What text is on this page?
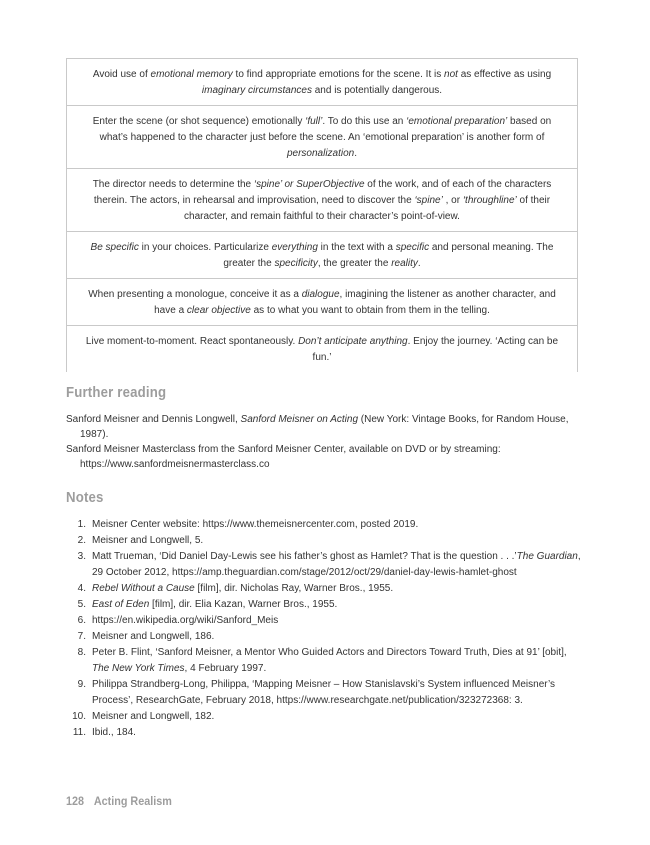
Avoid use of emotional memory to find appropriate emotions for the scene. It is not as effective as using imaginary circumstances and is potentially dangerous.
Enter the scene (or shot sequence) emotionally ‘full’. To do this use an ‘emotional preparation’ based on what’s happened to the character just before the scene. An ‘emotional preparation’ is another form of personalization.
The director needs to determine the ‘spine’ or SuperObjective of the work, and of each of the characters therein. The actors, in rehearsal and improvisation, need to discover the ‘spine’ , or ‘throughline’ of their character, and remain faithful to their character’s point-of-view.
Be specific in your choices. Particularize everything in the text with a specific and personal meaning. The greater the specificity, the greater the reality.
When presenting a monologue, conceive it as a dialogue, imagining the listener as another character, and have a clear objective as to what you want to obtain from them in the telling.
Live moment-to-moment. React spontaneously. Don’t anticipate anything. Enjoy the journey. ‘Acting can be fun.’
Further reading
Sanford Meisner and Dennis Longwell, Sanford Meisner on Acting (New York: Vintage Books, for Random House, 1987).
Sanford Meisner Masterclass from the Sanford Meisner Center, available on DVD or by streaming: https://www.sanfordmeisnermasterclass.co
Notes
1. Meisner Center website: https://www.themeisnercenter.com, posted 2019.
2. Meisner and Longwell, 5.
3. Matt Trueman, ‘Did Daniel Day-Lewis see his father’s ghost as Hamlet? That is the question . . .’The Guardian, 29 October 2012, https://amp.theguardian.com/stage/2012/oct/29/daniel-day-lewis-hamlet-ghost
4. Rebel Without a Cause [film], dir. Nicholas Ray, Warner Bros., 1955.
5. East of Eden [film], dir. Elia Kazan, Warner Bros., 1955.
6. https://en.wikipedia.org/wiki/Sanford_Meis
7. Meisner and Longwell, 186.
8. Peter B. Flint, ‘Sanford Meisner, a Mentor Who Guided Actors and Directors Toward Truth, Dies at 91’ [obit], The New York Times, 4 February 1997.
9. Philippa Strandberg-Long, Philippa, ‘Mapping Meisner – How Stanislavski’s System influenced Meisner’s Process’, ResearchGate, February 2018, https://www.researchgate.net/publication/323272368: 3.
10. Meisner and Longwell, 182.
11. Ibid., 184.
128 Acting Realism
